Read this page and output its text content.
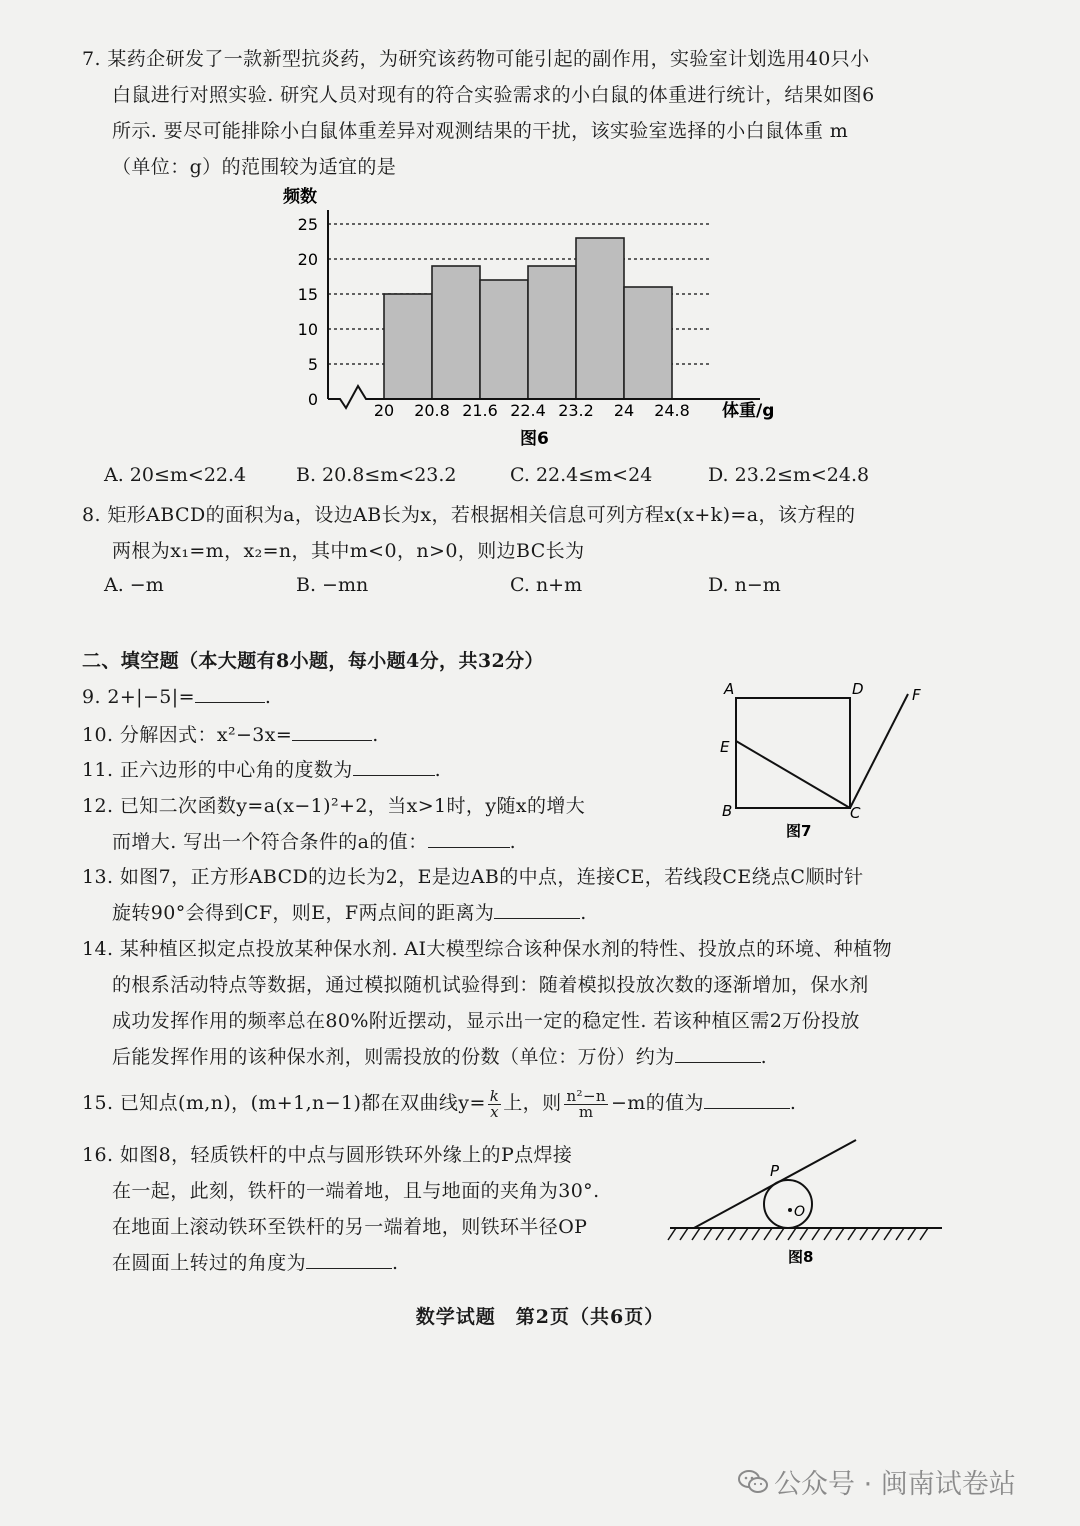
7. 某药企研发了一款新型抗炎药，为研究该药物可能引起的副作用，实验室计划选用40只小
白鼠进行对照实验. 研究人员对现有的符合实验需求的小白鼠的体重进行统计，结果如图6
所示. 要尽可能排除小白鼠体重差异对观测结果的干扰，该实验室选择的小白鼠体重 m
（单位：g）的范围较为适宜的是
频数
体重/g
图6
0
5
10
15
20
25
20 20.8 21.6 22.4 23.2 24 24.8
A. 20≤m<22.4	B. 20.8≤m<23.2	C. 22.4≤m<24	D. 23.2≤m<24.8
8. 矩形ABCD的面积为a，设边AB长为x，若根据相关信息可列方程x(x+k)=a，该方程的
两根为x₁=m，x₂=n，其中m<0，n>0，则边BC长为
A. −m	B. −mn	C. n+m	D. n−m
二、填空题（本大题有8小题，每小题4分，共32分）
9. 2+|−5|=	.
10. 分解因式：x²−3x=	.
11. 正六边形的中心角的度数为	.
12. 已知二次函数y=a(x−1)²+2，当x>1时，y随x的增大
而增大. 写出一个符合条件的a的值：	.
A	D	F
E
B	C
图7
13. 如图7，正方形ABCD的边长为2，E是边AB的中点，连接CE，若线段CE绕点C顺时针
旋转90°会得到CF，则E，F两点间的距离为	.
14. 某种植区拟定点投放某种保水剂. AI大模型综合该种保水剂的特性、投放点的环境、种植物
的根系活动特点等数据，通过模拟随机试验得到：随着模拟投放次数的逐渐增加，保水剂
成功发挥作用的频率总在80%附近摆动，显示出一定的稳定性. 若该种植区需2万份投放
后能发挥作用的该种保水剂，则需投放的份数（单位：万份）约为	.
15. 已知点(m,n)，(m+1,n−1)都在双曲线$y= \frac{k}{x}$ 上，则 $\frac{\text{n²−n}}{m} -m$的值为	.
16. 如图8，轻质铁杆的中点与圆形铁环外缘上的P点焊接
在一起，此刻，铁杆的一端着地，且与地面的夹角为30°.
在地面上滚动铁环至铁杆的另一端着地，则铁环半径OP
在圆面上转过的角度为	.
P
O
图8
数学试题　第2页（共6页）
公众号 · 闽南试卷站
